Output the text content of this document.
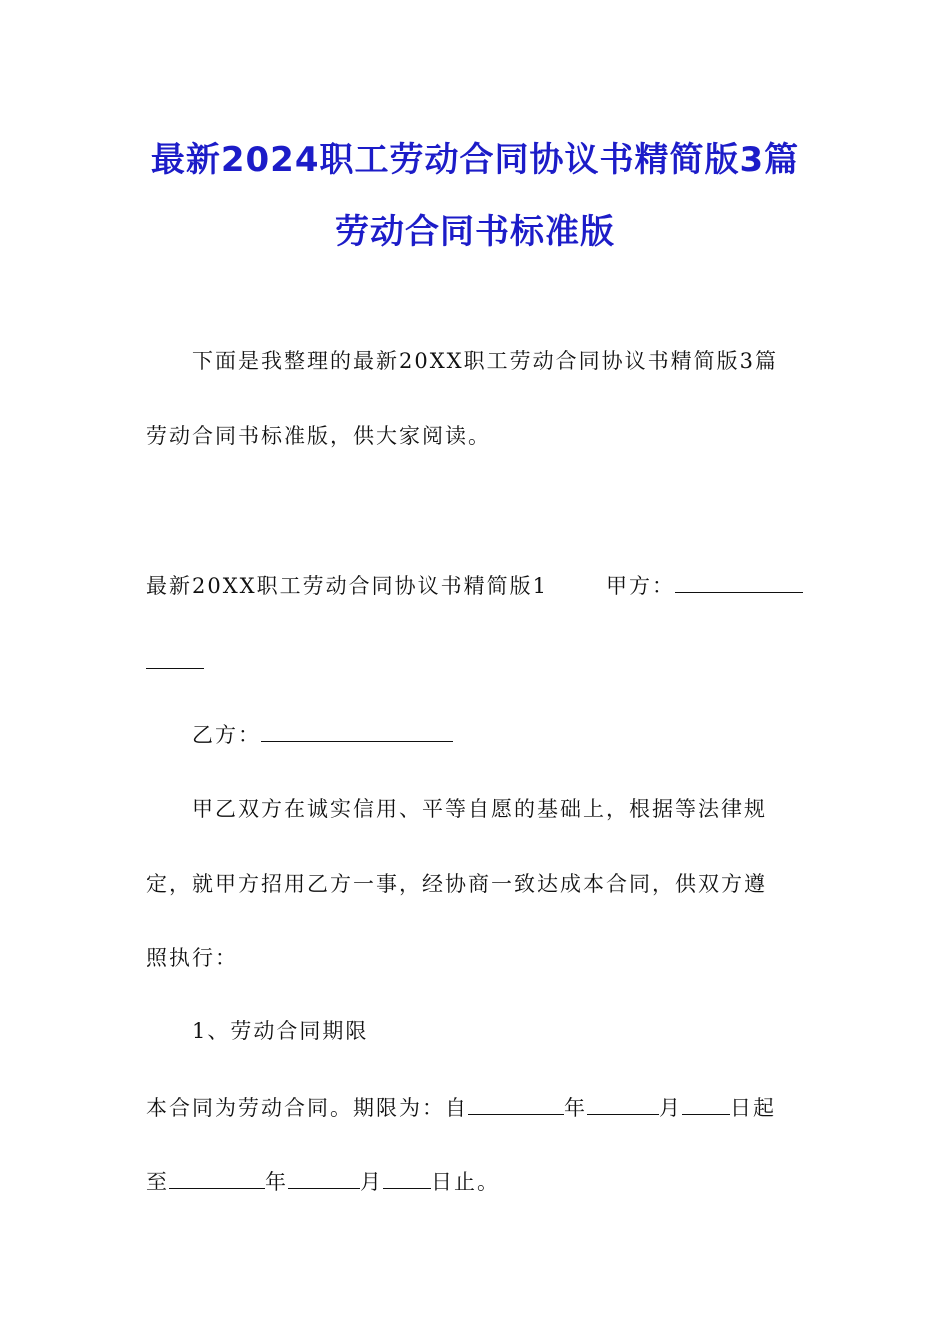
最新2024职工劳动合同协议书精简版3篇
劳动合同书标准版
下面是我整理的最新20XX职工劳动合同协议书精简版3篇
劳动合同书标准版，供大家阅读。
最新20XX职工劳动合同协议书精简版1	甲方：
乙方：
甲乙双方在诚实信用、平等自愿的基础上，根据等法律规
定，就甲方招用乙方一事，经协商一致达成本合同，供双方遵
照执行：
1、劳动合同期限
本合同为劳动合同。期限为：自	年	月 日起
至	年	月 日止。
